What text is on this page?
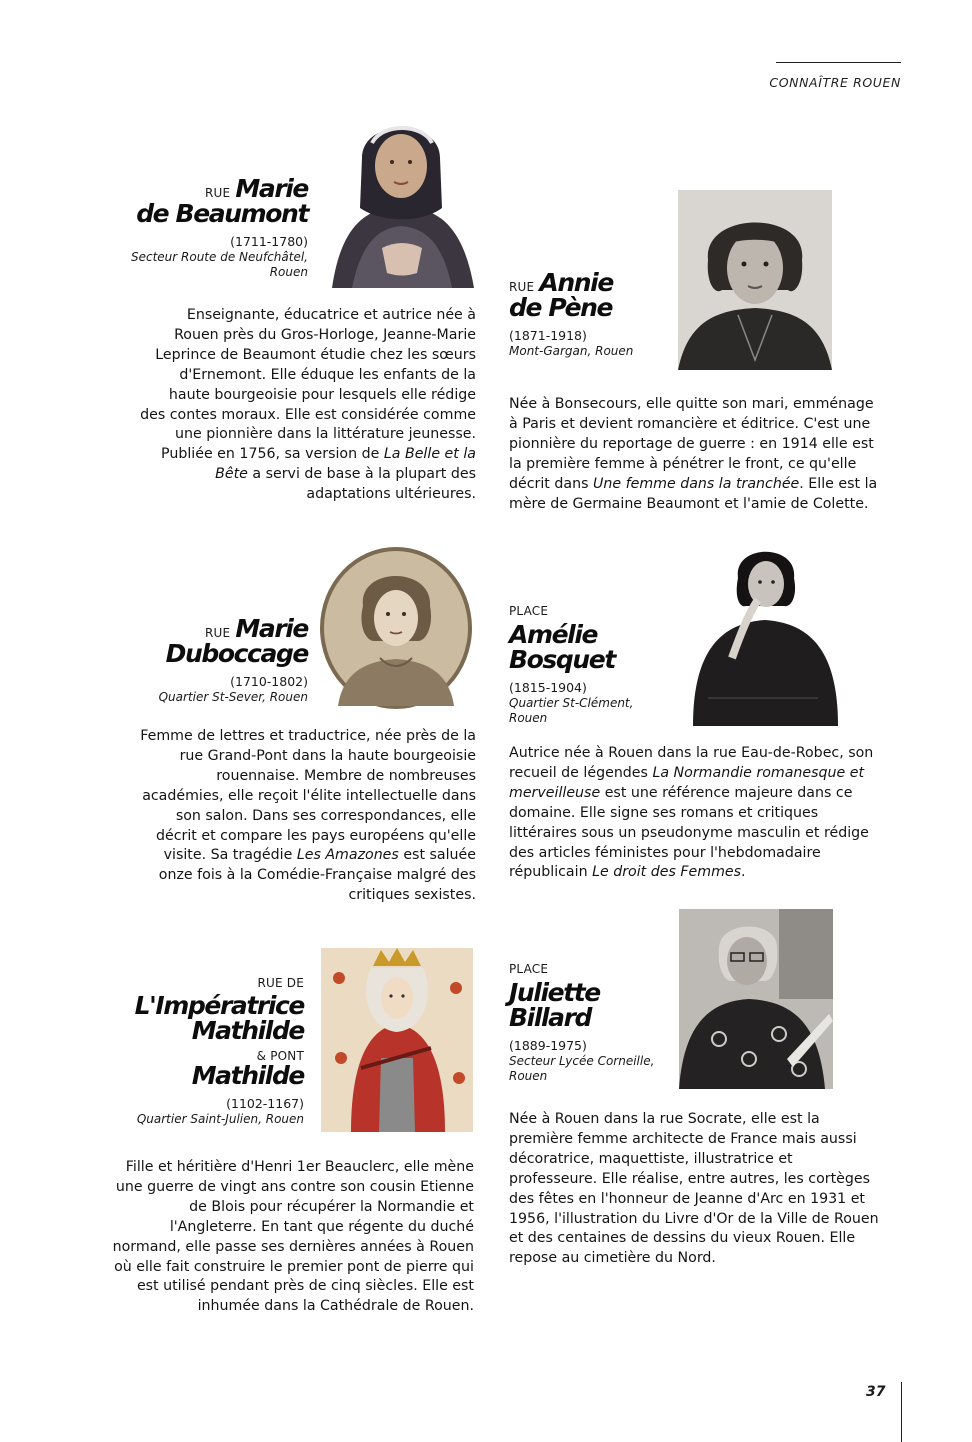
CONNAÎTRE ROUEN
RUE Marie
de Beaumont
(1711-1780)
Secteur Route de Neufchâtel, Rouen
Enseignante, éducatrice et autrice née à Rouen près du Gros-Horloge, Jeanne-Marie Leprince de Beaumont étudie chez les sœurs d'Ernemont. Elle éduque les enfants de la haute bourgeoisie pour lesquels elle rédige des contes moraux. Elle est considérée comme une pionnière dans la littérature jeunesse. Publiée en 1756, sa version de La Belle et la Bête a servi de base à la plupart des adaptations ultérieures.
RUE Annie
de Pène
(1871-1918)
Mont-Gargan, Rouen
Née à Bonsecours, elle quitte son mari, emménage à Paris et devient romancière et éditrice. C'est une pionnière du reportage de guerre : en 1914 elle est la première femme à pénétrer le front, ce qu'elle décrit dans Une femme dans la tranchée. Elle est la mère de Germaine Beaumont et l'amie de Colette.
RUE Marie
Duboccage
(1710-1802)
Quartier St-Sever, Rouen
Femme de lettres et traductrice, née près de la rue Grand-Pont dans la haute bourgeoisie rouennaise. Membre de nombreuses académies, elle reçoit l'élite intellectuelle dans son salon. Dans ses correspondances, elle décrit et compare les pays européens qu'elle visite. Sa tragédie Les Amazones est saluée onze fois à la Comédie-Française malgré des critiques sexistes.
PLACE
Amélie
Bosquet
(1815-1904)
Quartier St-Clément, Rouen
Autrice née à Rouen dans la rue Eau-de-Robec, son recueil de légendes La Normandie romanesque et merveilleuse est une référence majeure dans ce domaine. Elle signe ses romans et critiques littéraires sous un pseudonyme masculin et rédige des articles féministes pour l'hebdomadaire républicain Le droit des Femmes.
RUE DE
L'Impératrice
Mathilde
& PONT
Mathilde
(1102-1167)
Quartier Saint-Julien, Rouen
Fille et héritière d'Henri 1er Beauclerc, elle mène une guerre de vingt ans contre son cousin Etienne de Blois pour récupérer la Normandie et l'Angleterre. En tant que régente du duché normand, elle passe ses dernières années à Rouen où elle fait construire le premier pont de pierre qui est utilisé pendant près de cinq siècles. Elle est inhumée dans la Cathédrale de Rouen.
PLACE
Juliette
Billard
(1889-1975)
Secteur Lycée Corneille, Rouen
Née à Rouen dans la rue Socrate, elle est la première femme architecte de France mais aussi décoratrice, maquettiste, illustratrice et professeure. Elle réalise, entre autres, les cortèges des fêtes en l'honneur de Jeanne d'Arc en 1931 et 1956, l'illustration du Livre d'Or de la Ville de Rouen et des centaines de dessins du vieux Rouen. Elle repose au cimetière du Nord.
37
